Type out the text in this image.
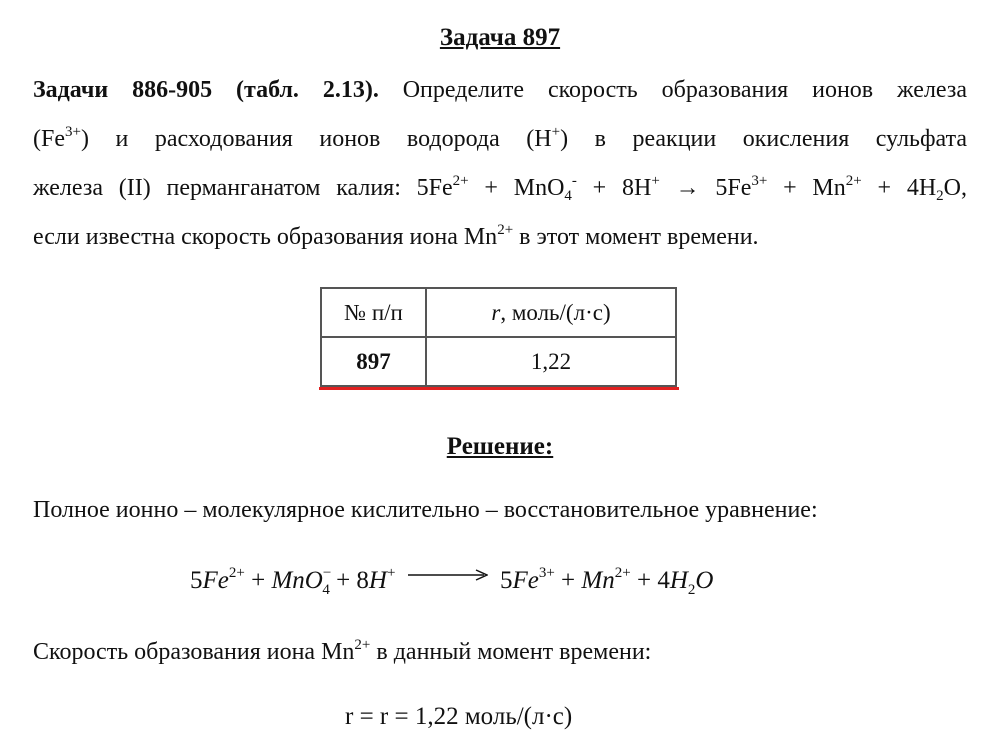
Задача 897
Задачи 886-905 (табл. 2.13). Определите скорость образования ионов железа
$(Fe^{3+})$ и расходования ионов водорода (H+) в реакции окисления сульфата
железа (II) перманганатом калия: $5Fe^{2+} + MnO_4^- + 8H^+ \to 5Fe^{3+} + Mn^{2+} + 4H_2O$,
если известна скорость образования иона $Mn^{2+}$ в этот момент времени.
№ п/п	r, моль/(л·с)
897	1,22
Решение:
Полное ионно – молекулярное кислительно – восстановительное уравнение:
$5Fe^{2+} + MnO^-_4 + 8H^+ \to 5Fe^{3+} + Mn^{2+} + 4H_2O$
Скорость образования иона $Mn^{2+}$ в данный момент времени:
r = r = 1,22 моль/(л·с)
